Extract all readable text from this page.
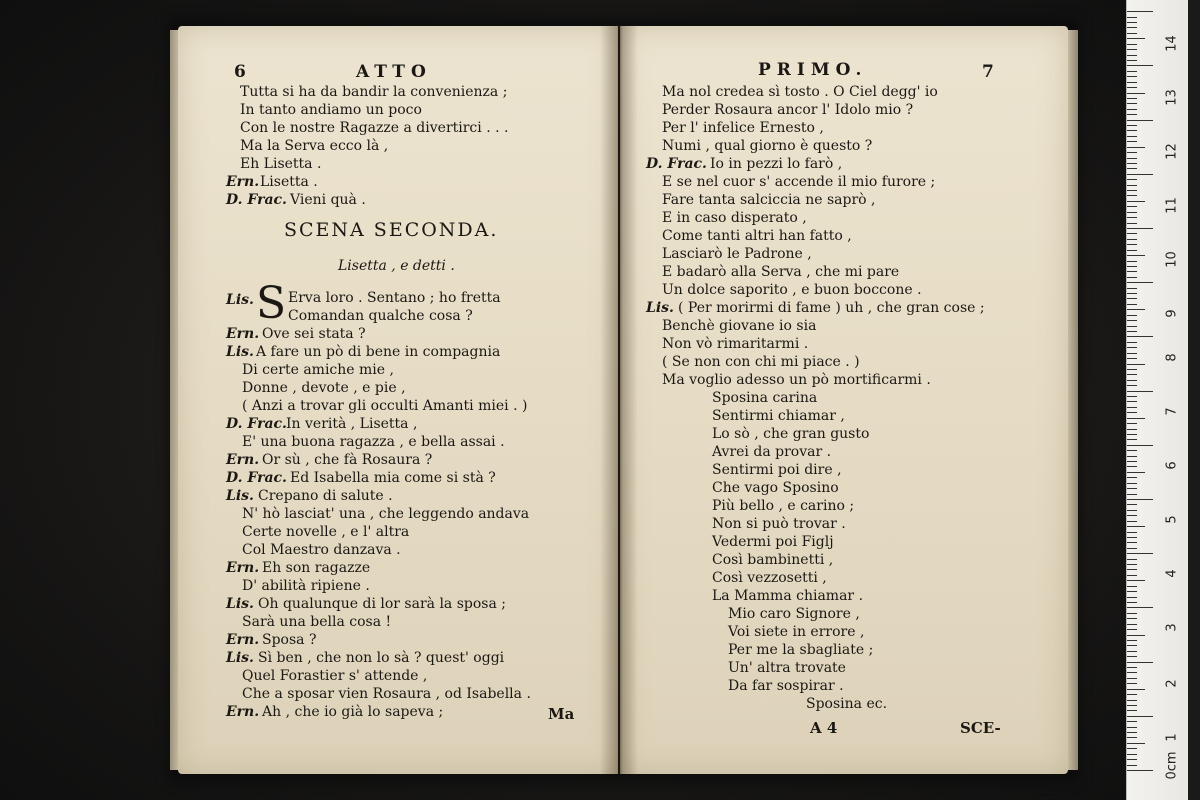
6	ATTO
Tutta si ha da bandir la convenienza ;
In tanto andiamo un poco
Con le nostre Ragazze a divertirci . . .
Ma la Serva ecco là ,
Eh Lisetta .
Ern. Lisetta .
D. Frac. Vieni quà .
SCENA SECONDA.
Lisetta , e detti .
Lis. S Erva loro . Sentano ; ho fretta
Comandan qualche cosa ?
Ern. Ove sei stata ?
Lis. A fare un pò di bene in compagnia
Di certe amiche mie ,
Donne , devote , e pie ,
( Anzi a trovar gli occulti Amanti miei . )
D. Frac. In verità , Lisetta ,
E' una buona ragazza , e bella assai .
Ern. Or sù , che fà Rosaura ?
D. Frac. Ed Isabella mia come si stà ?
Lis. Crepano di salute .
N' hò lasciat' una , che leggendo andava
Certe novelle , e l' altra
Col Maestro danzava .
Ern. Eh son ragazze
D' abilità ripiene .
Lis. Oh qualunque di lor sarà la sposa ;
Sarà una bella cosa !
Ern. Sposa ?
Lis. Sì ben , che non lo sà ? quest' oggi
Quel Forastier s' attende ,
Che a sposar vien Rosaura , od Isabella .
Ern. Ah , che io già lo sapeva ;	Ma
PRIMO.	7
Ma nol credea sì tosto . O Ciel degg' io
Perder Rosaura ancor l' Idolo mio ?
Per l' infelice Ernesto ,
Numi , qual giorno è questo ?
D. Frac. Io in pezzi lo farò ,
E se nel cuor s' accende il mio furore ;
Fare tanta salciccia ne saprò ,
E in caso disperato ,
Come tanti altri han fatto ,
Lasciarò le Padrone ,
E badarò alla Serva , che mi pare
Un dolce saporito , e buon boccone .
Lis. ( Per morirmi di fame ) uh , che gran cose ;
Benchè giovane io sia
Non vò rimaritarmi .
( Se non con chi mi piace . )
Ma voglio adesso un pò mortificarmi .
Sposina carina
Sentirmi chiamar ,
Lo sò , che gran gusto
Avrei da provar .
Sentirmi poi dire ,
Che vago Sposino
Più bello , e carino ;
Non si può trovar .
Vedermi poi Figlj
Così bambinetti ,
Così vezzosetti ,
La Mamma chiamar .
Mio caro Signore ,
Voi siete in errore ,
Per me la sbagliate ;
Un' altra trovate
Da far sospirar .
Sposina ec.
A 4	SCE-
0cm
1
2
3
4
5
6
7
8
9
10
11
12
13
14
